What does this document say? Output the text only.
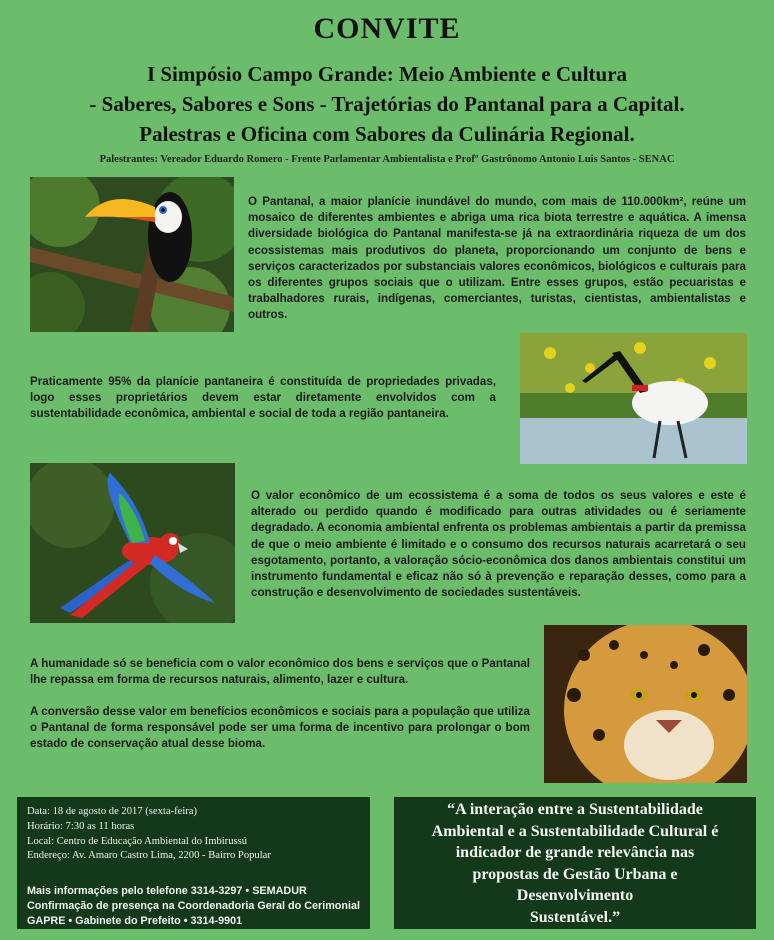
CONVITE
I Simpósio Campo Grande: Meio Ambiente e Cultura
- Saberes, Sabores e Sons - Trajetórias do Pantanal para a Capital.
Palestras e Oficina com Sabores da Culinária Regional.
Palestrantes: Vereador Eduardo Romero - Frente Parlamentar Ambientalista e Profº Gastrônomo Antonio Luis Santos - SENAC
O Pantanal, a maior planície inundável do mundo, com mais de 110.000km², reúne um mosaico de diferentes ambientes e abriga uma rica biota terrestre e aquática. A imensa diversidade biológica do Pantanal manifesta-se já na extraordinária riqueza de um dos ecossistemas mais produtivos do planeta, proporcionando um conjunto de bens e serviços caracterizados por substanciais valores econômicos, biológicos e culturais para os diferentes grupos sociais que o utilizam. Entre esses grupos, estão pecuaristas e trabalhadores rurais, indígenas, comerciantes, turistas, cientistas, ambientalistas e outros.
Praticamente 95% da planície pantaneira é constituída de propriedades privadas, logo esses proprietários devem estar diretamente envolvidos com a sustentabilidade econômica, ambiental e social de toda a região pantaneira.
O valor econômico de um ecossistema é a soma de todos os seus valores e este é alterado ou perdido quando é modificado para outras atividades ou é seriamente degradado. A economia ambiental enfrenta os problemas ambientais a partir da premissa de que o meio ambiente é limitado e o consumo dos recursos naturais acarretará o seu esgotamento, portanto, a valoração sócio-econômica dos danos ambientais constitui um instrumento fundamental e eficaz não só à prevenção e reparação desses, como para a construção e desenvolvimento de sociedades sustentáveis.
A humanidade só se beneficia com o valor econômico dos bens e serviços que o Pantanal lhe repassa em forma de recursos naturais, alimento, lazer e cultura.
A conversão desse valor em benefícios econômicos e sociais para a população que utiliza o Pantanal de forma responsável pode ser uma forma de incentivo para prolongar o bom estado de conservação atual desse bioma.
Data: 18 de agosto de 2017 (sexta-feira)
Horário: 7:30 as 11 horas
Local: Centro de Educação Ambiental do Imbirussú
Endereço: Av. Amaro Castro Lima, 2200 - Bairro Popular
Mais informações pelo telefone 3314-3297 • SEMADUR
Confirmação de presença na Coordenadoria Geral do Cerimonial
GAPRE • Gabinete do Prefeito • 3314-9901
“A interação entre a Sustentabilidade
Ambiental e a Sustentabilidade Cultural é
indicador de grande relevância nas
propostas de Gestão Urbana e
Desenvolvimento
Sustentável.”
